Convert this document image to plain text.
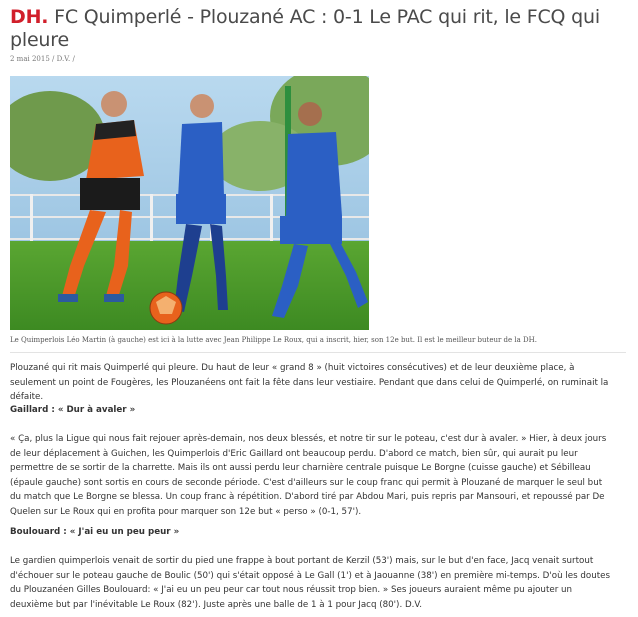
DH. FC Quimperlé - Plouzané AC : 0-1 Le PAC qui rit, le FCQ qui pleure
2 mai 2015 / D.V. /
Le Quimperlois Léo Martin (à gauche) est ici à la lutte avec Jean Philippe Le Roux, qui a inscrit, hier, son 12e but. Il est le meilleur buteur de la DH.

Plouzané qui rit mais Quimperlé qui pleure. Du haut de leur « grand 8 » (huit victoires consécutives) et de leur deuxième place, à seulement un point de Fougères, les Plouzanéens ont fait la fête dans leur vestiaire. Pendant que dans celui de Quimperlé, on ruminait la défaite.

Gaillard : « Dur à avaler »

« Ça, plus la Ligue qui nous fait rejouer après-demain, nos deux blessés, et notre tir sur le poteau, c'est dur à avaler. » Hier, à deux jours de leur déplacement à Guichen, les Quimperlois d'Eric Gaillard ont beaucoup perdu. D'abord ce match, bien sûr, qui aurait pu leur permettre de se sortir de la charrette. Mais ils ont aussi perdu leur charnière centrale puisque Le Borgne (cuisse gauche) et Sébilleau (épaule gauche) sont sortis en cours de seconde période. C'est d'ailleurs sur le coup franc qui permit à Plouzané de marquer le seul but du match que Le Borgne se blessa. Un coup franc à répétition. D'abord tiré par Abdou Mari, puis repris par Mansouri, et repoussé par De Quelen sur Le Roux qui en profita pour marquer son 12e but « perso » (0-1, 57').

Boulouard : « J'ai eu un peu peur »

Le gardien quimperlois venait de sortir du pied une frappe à bout portant de Kerzil (53') mais, sur le but d'en face, Jacq venait surtout d'échouer sur le poteau gauche de Boulic (50') qui s'était opposé à Le Gall (1') et à Jaouanne (38') en première mi-temps. D'où les doutes du Plouzanéen Gilles Boulouard: « J'ai eu un peu peur car tout nous réussit trop bien. » Ses joueurs auraient même pu ajouter un deuxième but par l'inévitable Le Roux (82'). Juste après une balle de 1 à 1 pour Jacq (80'). D.V.
